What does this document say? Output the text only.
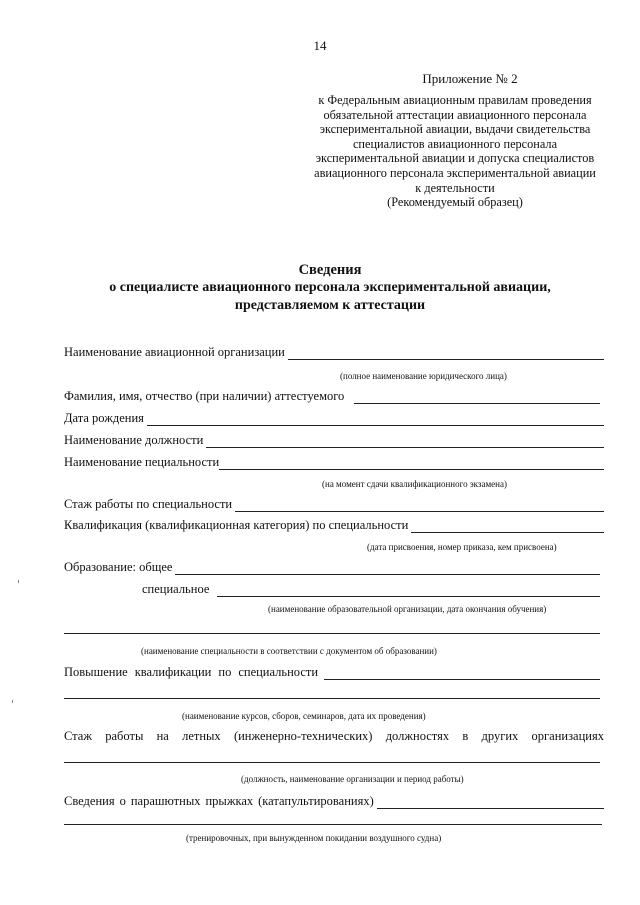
14
Приложение № 2
к Федеральным авиационным правилам проведения
обязательной аттестации авиационного персонала
экспериментальной авиации, выдачи свидетельства
специалистов авиационного персонала
экспериментальной авиации и допуска специалистов
авиационного персонала экспериментальной авиации
к деятельности
(Рекомендуемый образец)
Сведения
о специалисте авиационного персонала экспериментальной авиации,
представляемом к аттестации
Наименование авиационной организации
(полное наименование юридического лица)
Фамилия, имя, отчество (при наличии) аттестуемого
Дата рождения
Наименование должности
Наименование пециальности
(на момент сдачи квалификационного экзамена)
Стаж работы по специальности
Квалификация (квалификационная категория) по специальности
(дата присвоения, номер приказа, кем присвоена)
Образование: общее
специальное
(наименование образовательной организации, дата окончания обучения)
(наименование специальности в соответствии с документом об образовании)
Повышение квалификации по специальности
(наименование курсов, сборов, семинаров, дата их проведения)
Стаж работы на летных (инженерно-технических) должностях в других организациях
(должность, наименование организации и период работы)
Сведения о парашютных прыжках (катапультированиях)
(тренировочных, при вынужденном покидании воздушного судна)
